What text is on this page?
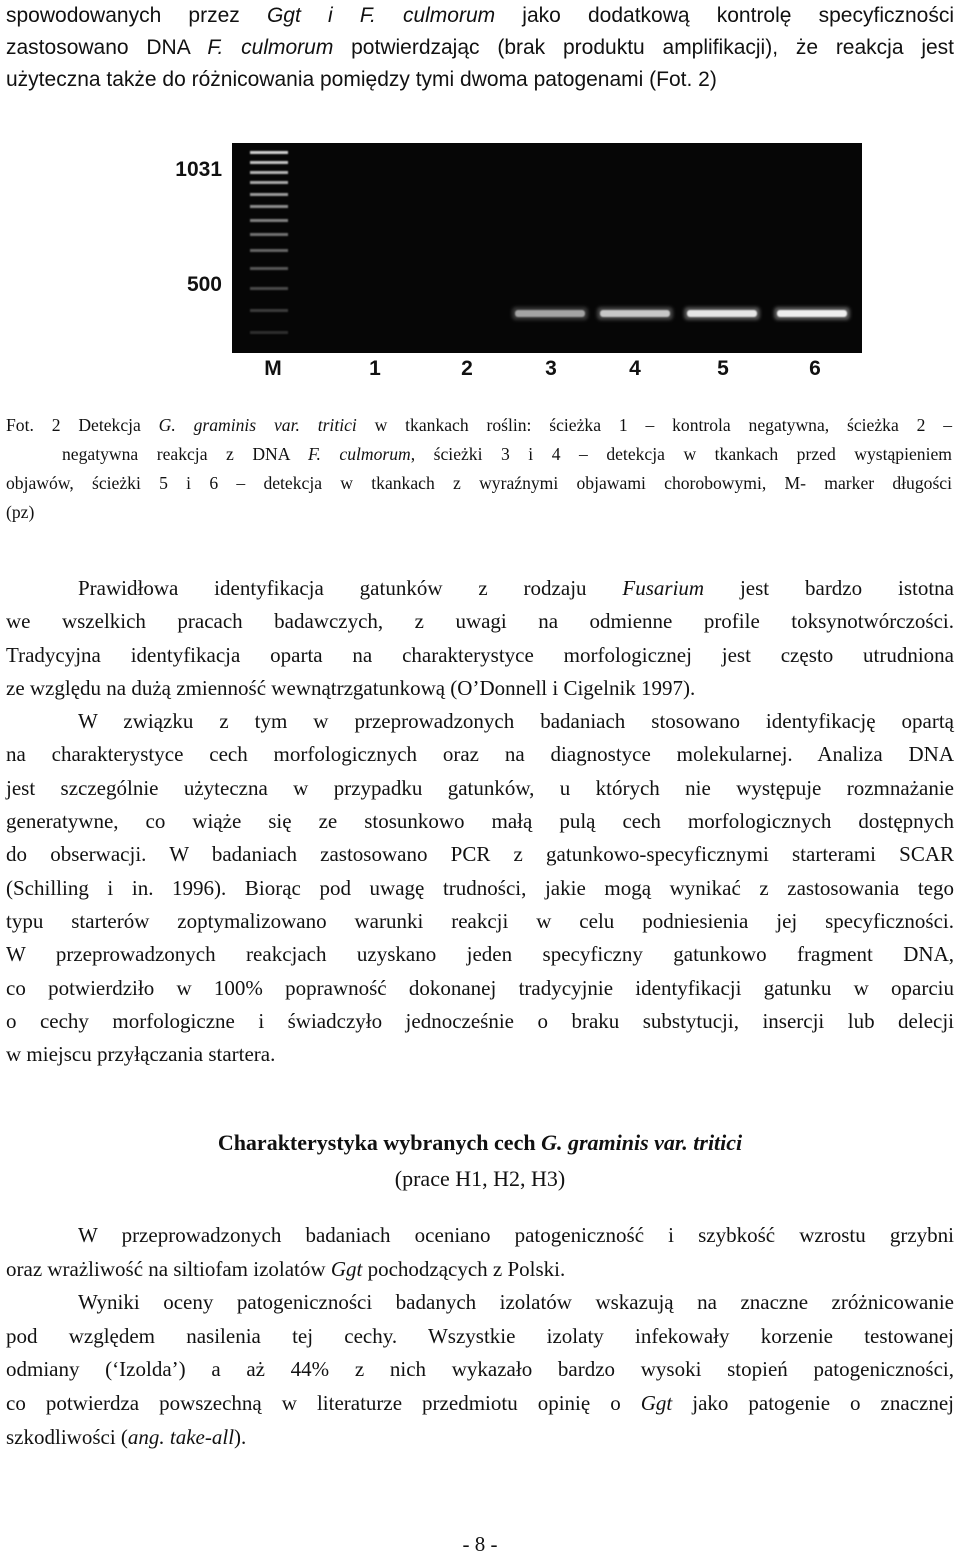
spowodowanych przez Ggt i F. culmorum jako dodatkową kontrolę specyficzności
zastosowano DNA F. culmorum potwierdzając (brak produktu amplifikacji), że reakcja jest
użyteczna także do różnicowania pomiędzy tymi dwoma patogenami (Fot. 2)
1031
500
M	1	2	3	4	5	6
Fot. 2 Detekcja G. graminis var. tritici w tkankach roślin: ścieżka 1 – kontrola negatywna, ścieżka 2 –
negatywna reakcja z DNA F. culmorum, ścieżki 3 i 4 – detekcja w tkankach przed wystąpieniem
objawów, ścieżki 5 i 6 – detekcja w tkankach z wyraźnymi objawami chorobowymi, M- marker długości
(pz)
Prawidłowa identyfikacja gatunków z rodzaju Fusarium jest bardzo istotna
we wszelkich pracach badawczych, z uwagi na odmienne profile toksynotwórczości.
Tradycyjna identyfikacja oparta na charakterystyce morfologicznej jest często utrudniona
ze względu na dużą zmienność wewnątrzgatunkową (O’Donnell i Cigelnik 1997).
W związku z tym w przeprowadzonych badaniach stosowano identyfikację opartą
na charakterystyce cech morfologicznych oraz na diagnostyce molekularnej. Analiza DNA
jest szczególnie użyteczna w przypadku gatunków, u których nie występuje rozmnażanie
generatywne, co wiąże się ze stosunkowo małą pulą cech morfologicznych dostępnych
do obserwacji. W badaniach zastosowano PCR z gatunkowo-specyficznymi starterami SCAR
(Schilling i in. 1996). Biorąc pod uwagę trudności, jakie mogą wynikać z zastosowania tego
typu starterów zoptymalizowano warunki reakcji w celu podniesienia jej specyficzności.
W przeprowadzonych reakcjach uzyskano jeden specyficzny gatunkowo fragment DNA,
co potwierdziło w 100% poprawność dokonanej tradycyjnie identyfikacji gatunku w oparciu
o cechy morfologiczne i świadczyło jednocześnie o braku substytucji, insercji lub delecji
w miejscu przyłączania startera.
Charakterystyka wybranych cech G. graminis var. tritici
(prace H1, H2, H3)
W przeprowadzonych badaniach oceniano patogeniczność i szybkość wzrostu grzybni
oraz wrażliwość na siltiofam izolatów Ggt pochodzących z Polski.
Wyniki oceny patogeniczności badanych izolatów wskazują na znaczne zróżnicowanie
pod względem nasilenia tej cechy. Wszystkie izolaty infekowały korzenie testowanej
odmiany (‘Izolda’) a aż 44% z nich wykazało bardzo wysoki stopień patogeniczności,
co potwierdza powszechną w literaturze przedmiotu opinię o Ggt jako patogenie o znacznej
szkodliwości (ang. take-all).
- 8 -
